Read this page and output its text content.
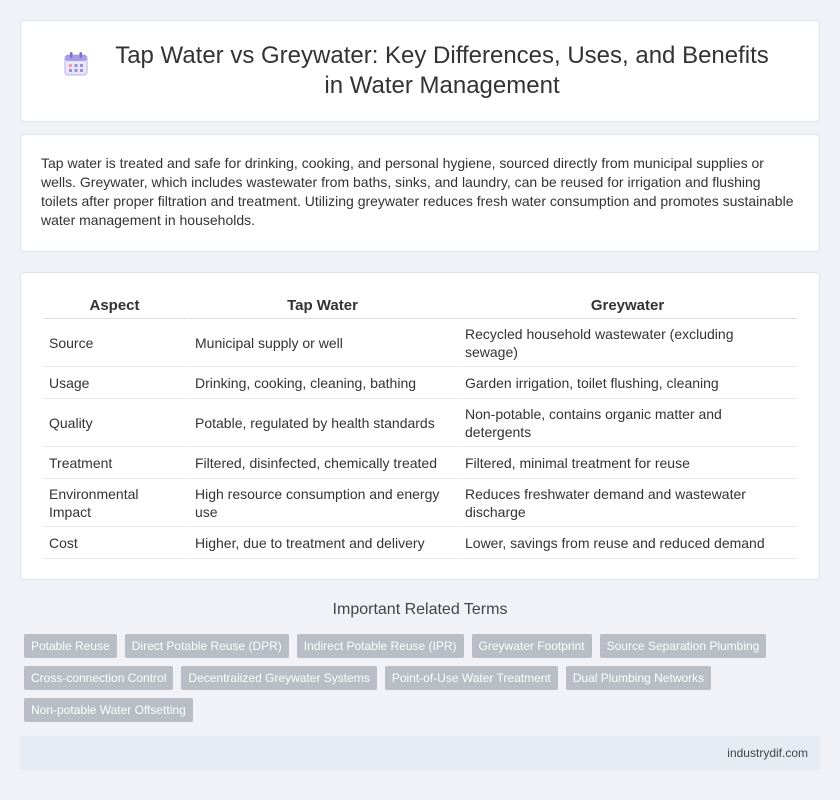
Tap Water vs Greywater: Key Differences, Uses, and Benefits in Water Management

Tap water is treated and safe for drinking, cooking, and personal hygiene, sourced directly from municipal supplies or wells. Greywater, which includes wastewater from baths, sinks, and laundry, can be reused for irrigation and flushing toilets after proper filtration and treatment. Utilizing greywater reduces fresh water consumption and promotes sustainable water management in households.

Aspect	Tap Water	Greywater
Source	Municipal supply or well	Recycled household wastewater (excluding sewage)
Usage	Drinking, cooking, cleaning, bathing	Garden irrigation, toilet flushing, cleaning
Quality	Potable, regulated by health standards	Non-potable, contains organic matter and detergents
Treatment	Filtered, disinfected, chemically treated	Filtered, minimal treatment for reuse
Environmental Impact	High resource consumption and energy use	Reduces freshwater demand and wastewater discharge
Cost	Higher, due to treatment and delivery	Lower, savings from reuse and reduced demand
Important Related Terms
Potable Reuse	Direct Potable Reuse (DPR)	Indirect Potable Reuse (IPR)	Greywater Footprint	Source Separation Plumbing
Cross-connection Control	Decentralized Greywater Systems	Point-of-Use Water Treatment	Dual Plumbing Networks
Non-potable Water Offsetting
industrydif.com
